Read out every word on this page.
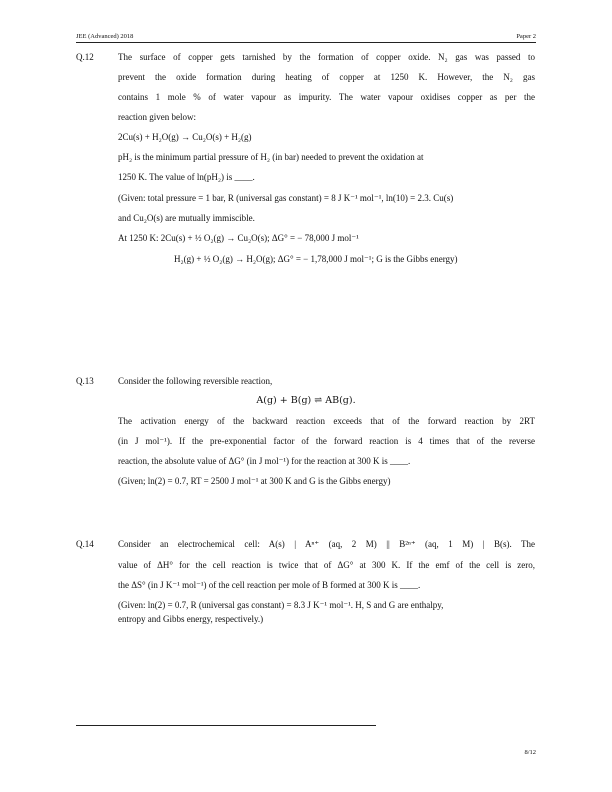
JEE (Advanced) 2018	Paper 2
Q.12	The surface of copper gets tarnished by the formation of copper oxide. N₂ gas was passed to
prevent the oxide formation during heating of copper at 1250 K. However, the N₂ gas
contains 1 mole % of water vapour as impurity. The water vapour oxidises copper as per the
reaction given below:
2Cu(s) + H₂O(g) → Cu₂O(s) + H₂(g)
pH₂ is the minimum partial pressure of H₂ (in bar) needed to prevent the oxidation at
1250 K. The value of ln(pH₂) is ____.
(Given: total pressure = 1 bar, R (universal gas constant) = 8 J K⁻¹ mol⁻¹, ln(10) = 2.3. Cu(s)
and Cu₂O(s) are mutually immiscible.
At 1250 K: 2Cu(s) + ½ O₂(g) → Cu₂O(s); ΔG° = − 78,000 J mol⁻¹
H₂(g) + ½ O₂(g) → H₂O(g); ΔG° = − 1,78,000 J mol⁻¹; G is the Gibbs energy)
Q.13	Consider the following reversible reaction,
A(g) + B(g) ⇌ AB(g).
The activation energy of the backward reaction exceeds that of the forward reaction by 2RT
(in J mol⁻¹). If the pre-exponential factor of the forward reaction is 4 times that of the reverse
reaction, the absolute value of ΔG° (in J mol⁻¹) for the reaction at 300 K is ____.
(Given; ln(2) = 0.7, RT = 2500 J mol⁻¹ at 300 K and G is the Gibbs energy)
Q.14	Consider an electrochemical cell: A(s) | Aⁿ⁺ (aq, 2 M) || B²ⁿ⁺ (aq, 1 M) | B(s). The
value of ΔH° for the cell reaction is twice that of ΔG° at 300 K. If the emf of the cell is zero,
the ΔS° (in J K⁻¹ mol⁻¹) of the cell reaction per mole of B formed at 300 K is ____.
(Given: ln(2) = 0.7, R (universal gas constant) = 8.3 J K⁻¹ mol⁻¹. H, S and G are enthalpy,
entropy and Gibbs energy, respectively.)
8/12
